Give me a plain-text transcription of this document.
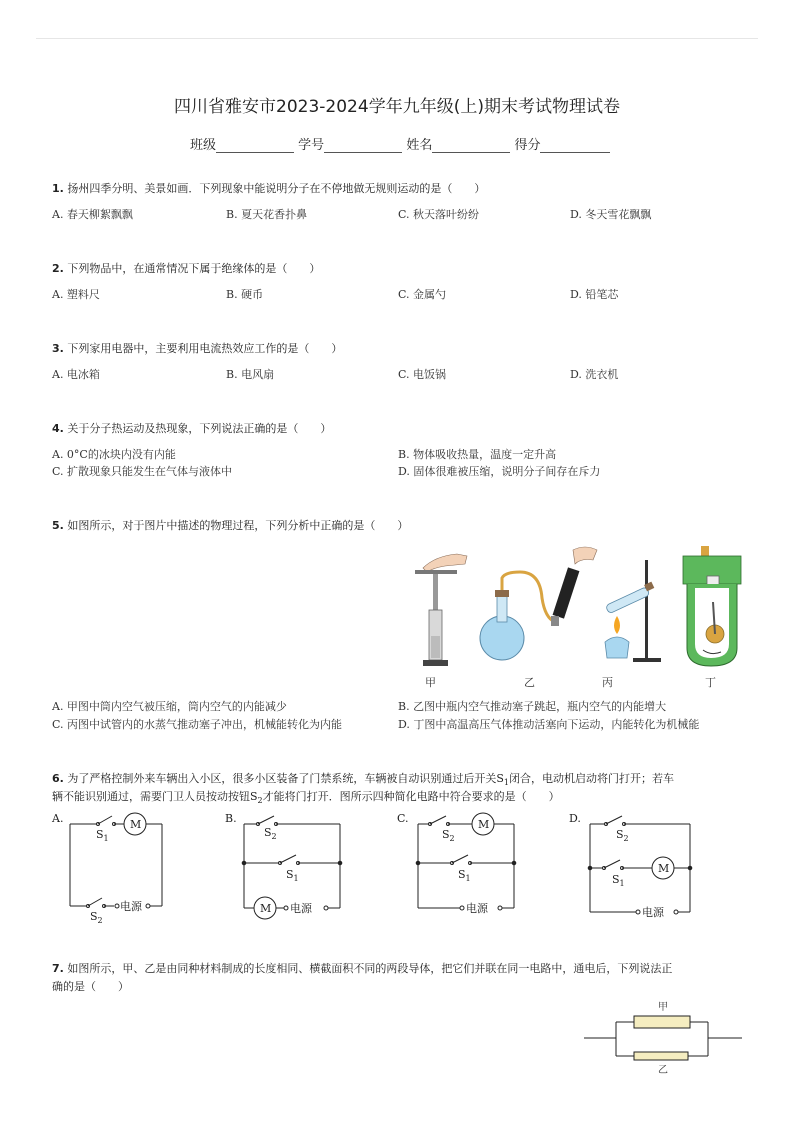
四川省雅安市2023-2024学年九年级(上)期末考试物理试卷
班级	学号	姓名	得分
1. 扬州四季分明、美景如画．下列现象中能说明分子在不停地做无规则运动的是（　　）
A. 春天柳絮飘飘	B. 夏天花香扑鼻	C. 秋天落叶纷纷	D. 冬天雪花飘飘
2. 下列物品中，在通常情况下属于绝缘体的是（　　）
A. 塑料尺	B. 硬币	C. 金属勺	D. 铅笔芯
3. 下列家用电器中，主要利用电流热效应工作的是（　　）
A. 电冰箱	B. 电风扇	C. 电饭锅	D. 洗衣机
4. 关于分子热运动及热现象，下列说法正确的是（　　）
A. 0°C的冰块内没有内能	B. 物体吸收热量，温度一定升高
C. 扩散现象只能发生在气体与液体中	D. 固体很难被压缩，说明分子间存在斥力
5. 如图所示，对于图片中描述的物理过程，下列分析中正确的是（　　）
甲	乙	丙	丁
A. 甲图中筒内空气被压缩，筒内空气的内能减少	B. 乙图中瓶内空气推动塞子跳起，瓶内空气的内能增大
C. 丙图中试管内的水蒸气推动塞子冲出，机械能转化为内能	D. 丁图中高温高压气体推动活塞向下运动，内能转化为机械能
6. 为了严格控制外来车辆出入小区，很多小区装备了门禁系统，车辆被自动识别通过后开关$S_1$闭合，电动机启动将门打开；若车
辆不能识别通过，需要门卫人员按动按钮$S_2$才能将门打开．图所示四种简化电路中符合要求的是（　　）
A.	B.	C.	D.
$S_1$
M
$S_2$
电源
$S_2$
$S_1$
M 电源
$S_2$
M
$S_1$
电源
$S_2$
$S_1$
M
电源
7. 如图所示，甲、乙是由同种材料制成的长度相同、横截面积不同的两段导体，把它们并联在同一电路中，通电后，下列说法正
确的是（　　）
甲
乙
